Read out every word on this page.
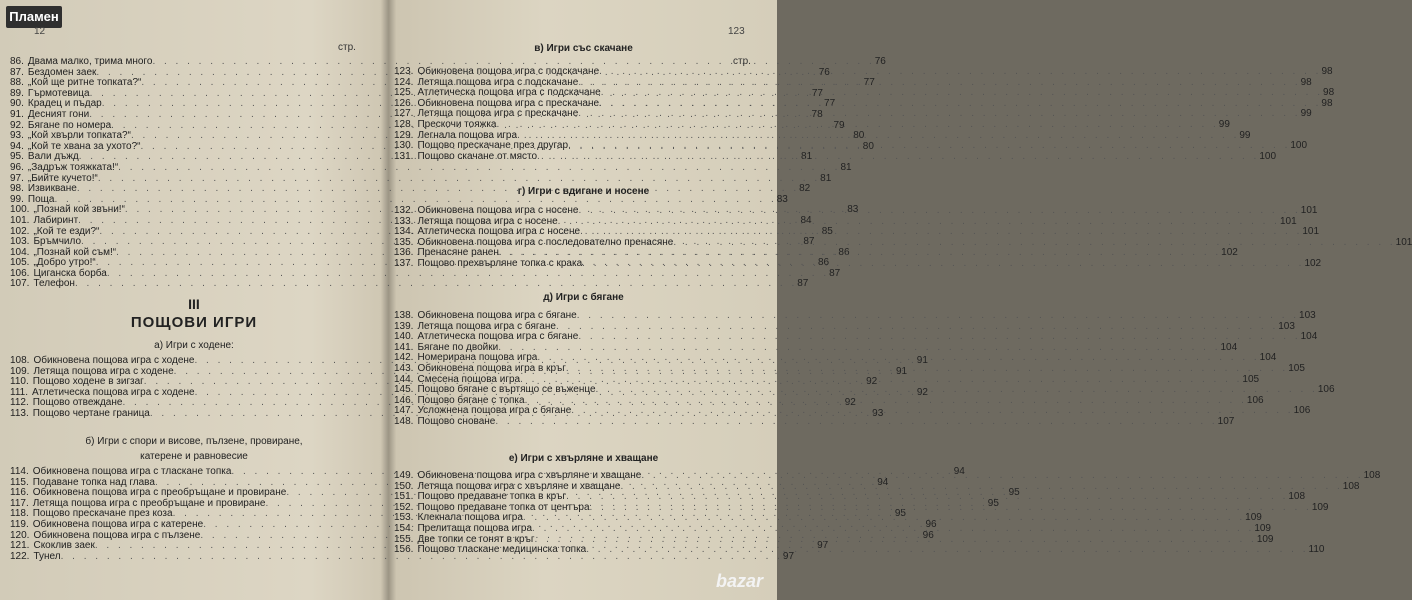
Пламен
12
стр.
86. Двама малко, трима много . . .	76
87. Бездомен заек . . .	76
88. „Кой ще ритне топката?“ . . .	77
89. Гърмотевица . . .	77
90. Крадец и пъдар . . .	77
91. Десният гони . . .	78
92. Бягане по номера . . .	79
93. „Кой хвърли топката?“ . . .	80
94. „Кой те хвана за ухото?“ . . .	80
95. Вали дъжд . . .	81
96. „Задръж тояжката!“ . . .	81
97. „Бийте кучето!“ . . .	81
98. Извикване . . .	82
99. Поща . . .	83
100. „Познай кой звъни!“ . . .	83
101. Лабиринт . . .	84
102. „Кой те езди?“ . . .	85
103. Бръмчило . . .	87
104. „Познай кой съм!“ . . .	86
105. „Добро утро!“ . . .	86
106. Циганска борба . . .	87
107. Телефон . . .	87
III
ПОЩОВИ ИГРИ
а) Игри с ходене:
108. Обикновена пощова игра с ходене . . .	91
109. Летяща пощова игра с ходене . . .	91
110. Пощово ходене в зигзаг . . .	92
111. Атлетическа пощова игра с ходене . . .	92
112. Пощово отвеждане . . .	92
113. Пощово чертане граница . . .	93
б) Игри с спори и висове, пълзене, провиране,
катерене и равновесие
114. Обикновена пощова игра с тласкане топка . . .	94
115. Подаване топка над глава . . .	94
116. Обикновена пощова игра с преобръщане и провиране . . .	95
117. Летяща пощова игра с преобръщане и провиране . . .	95
118. Пощово прескачане през коза . . .	95
119. Обикновена пощова игра с катерене . . .	96
120. Обикновена пощова игра с пълзене . . .	96
121. Скоклив заек . . .	97
122. Тунел . . .	97
123
в) Игри със скачане
стр.
123. Обикновена пощова игра с подскачане . . .	98
124. Летяща пощова игра с подскачане . . .	98
125. Атлетическа пощова игра с подскачане . . .	98
126. Обикновена пощова игра с прескачане . . .	98
127. Летяща пощова игра с прескачане . . .	99
128. Прескочи тояжка . . .	99
129. Легнала пощова игра . . .	99
130. Пощово прескачане през другар . . .	100
131. Пощово скачане от място . . .	100
г) Игри с вдигане и носене
132. Обикновена пощова игра с носене . . .	101
133. Летяща пощова игра с носене . . .	101
134. Атлетическа пощова игра с носене . . .	101
135. Обикновена пощова игра с последователно пренасяне . . .	101
136. Пренасяне ранен . . .	102
137. Пощово прехвърляне топка с крака . . .	102
д) Игри с бягане
138. Обикновена пощова игра с бягане . . .	103
139. Летяща пощова игра с бягане . . .	103
140. Атлетическа пощова игра с бягане . . .	104
141. Бягане по двойки . . .	104
142. Номерирана пощова игра . . .	104
143. Обикновена пощова игра в кръг . . .	105
144. Смесена пощова игра . . .	105
145. Пощово бягане с въртящо се въженце . . .	106
146. Пощово бягане с топка . . .	106
147. Усложнена пощова игра с бягане . . .	106
148. Пощово сноване . . .	107
е) Игри с хвърляне и хващане
149. Обикновена пощова игра с хвърляне и хващане . . .	108
150. Летяща пощова игра с хвърляне и хващане . . .	108
151. Пощово предаване топка в кръг . . .	108
152. Пощово предаване топка от центъра . . .	109
153. Клекнала пощова игра . . .	109
154. Прелитаща пощова игра . . .	109
155. Две топки се гонят в кръг . . .	109
156. Пощово тласкане медицинска топка . . .	110
bazar
